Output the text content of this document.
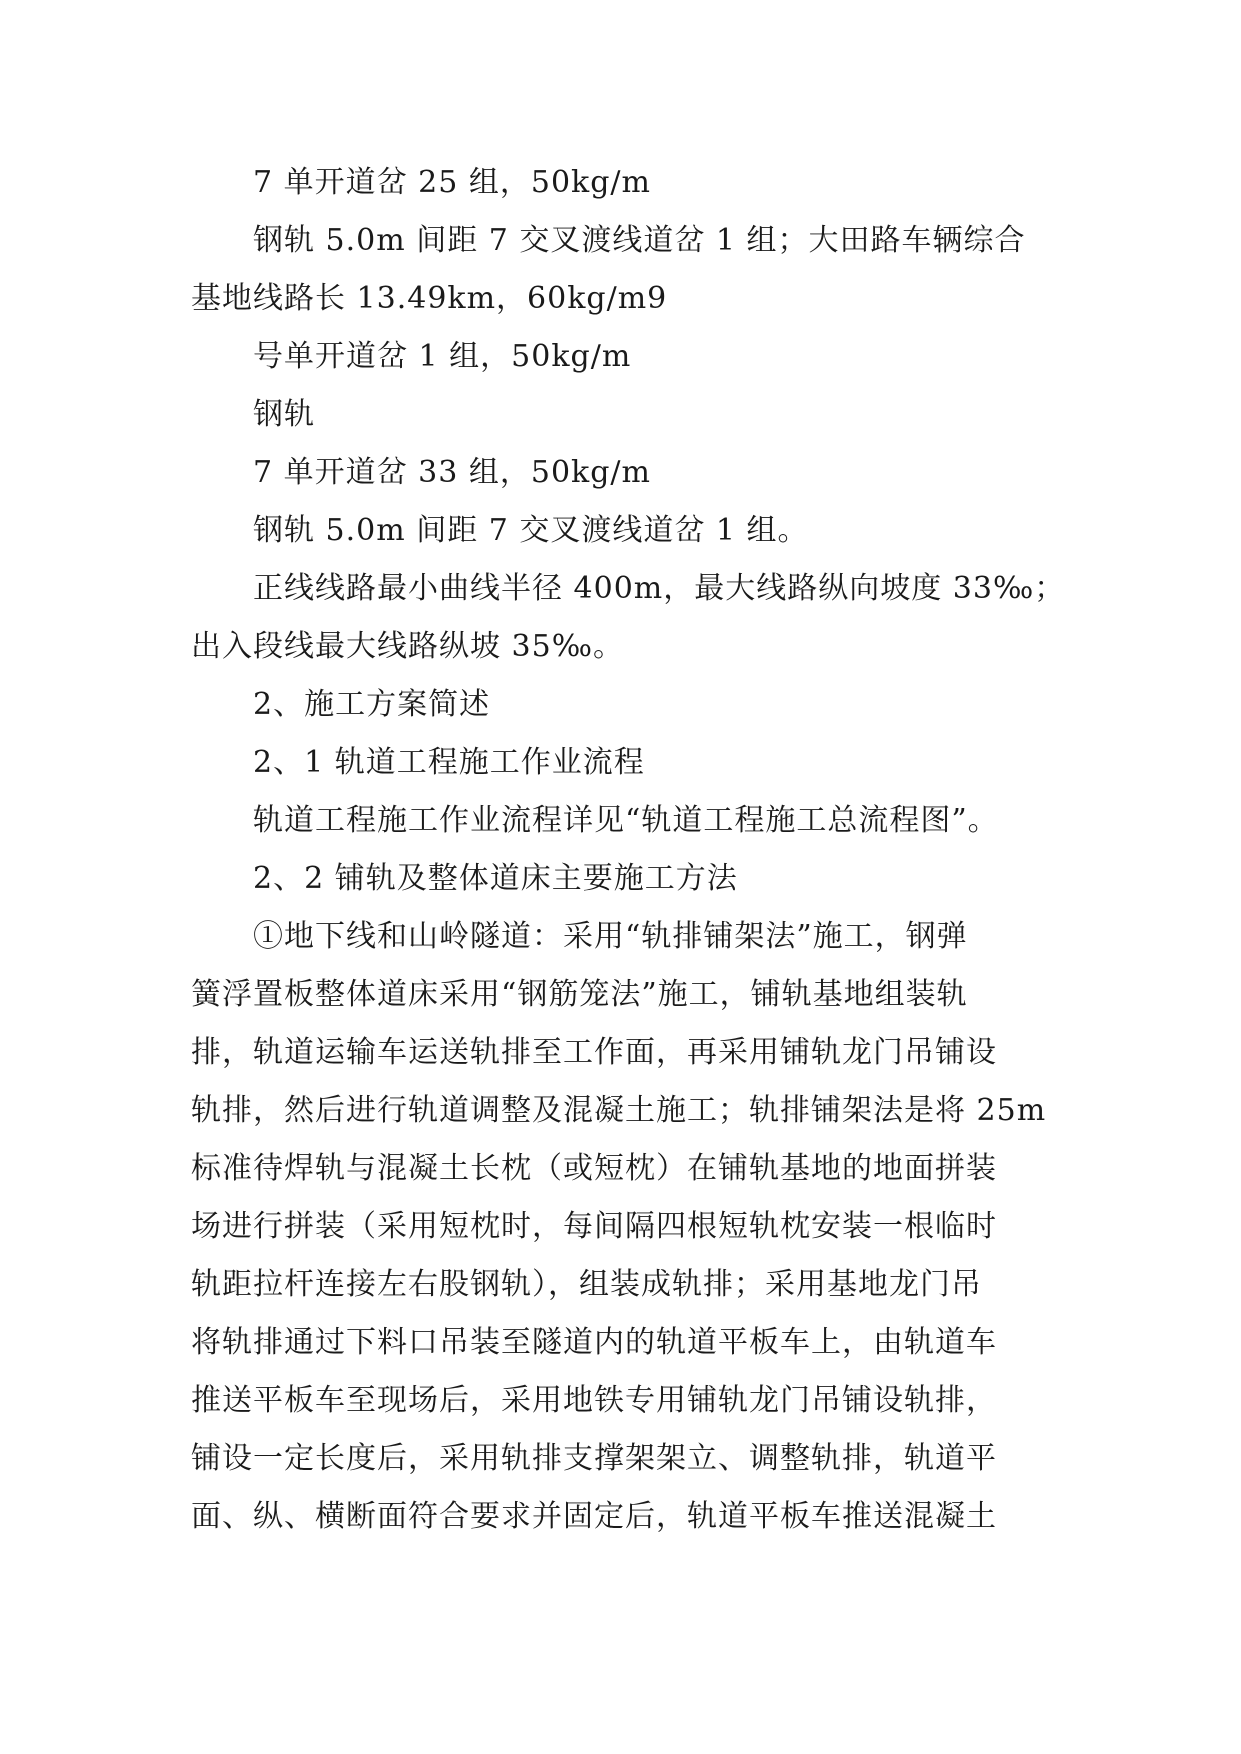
7 单开道岔 25 组，50kg/m
钢轨 5.0m 间距 7 交叉渡线道岔 1 组；大田路车辆综合
基地线路长 13.49km，60kg/m9
号单开道岔 1 组，50kg/m
钢轨
7 单开道岔 33 组，50kg/m
钢轨 5.0m 间距 7 交叉渡线道岔 1 组。
正线线路最小曲线半径 400m，最大线路纵向坡度 33‰；
出入段线最大线路纵坡 35‰。
2、施工方案简述
2、1 轨道工程施工作业流程
轨道工程施工作业流程详见“轨道工程施工总流程图”。
2、2 铺轨及整体道床主要施工方法
①地下线和山岭隧道：采用“轨排铺架法”施工，钢弹
簧浮置板整体道床采用“钢筋笼法”施工，铺轨基地组装轨
排，轨道运输车运送轨排至工作面，再采用铺轨龙门吊铺设
轨排，然后进行轨道调整及混凝土施工；轨排铺架法是将 25m
标准待焊轨与混凝土长枕（或短枕）在铺轨基地的地面拼装
场进行拼装（采用短枕时，每间隔四根短轨枕安装一根临时
轨距拉杆连接左右股钢轨），组装成轨排；采用基地龙门吊
将轨排通过下料口吊装至隧道内的轨道平板车上，由轨道车
推送平板车至现场后，采用地铁专用铺轨龙门吊铺设轨排，
铺设一定长度后，采用轨排支撑架架立、调整轨排，轨道平
面、纵、横断面符合要求并固定后，轨道平板车推送混凝土
